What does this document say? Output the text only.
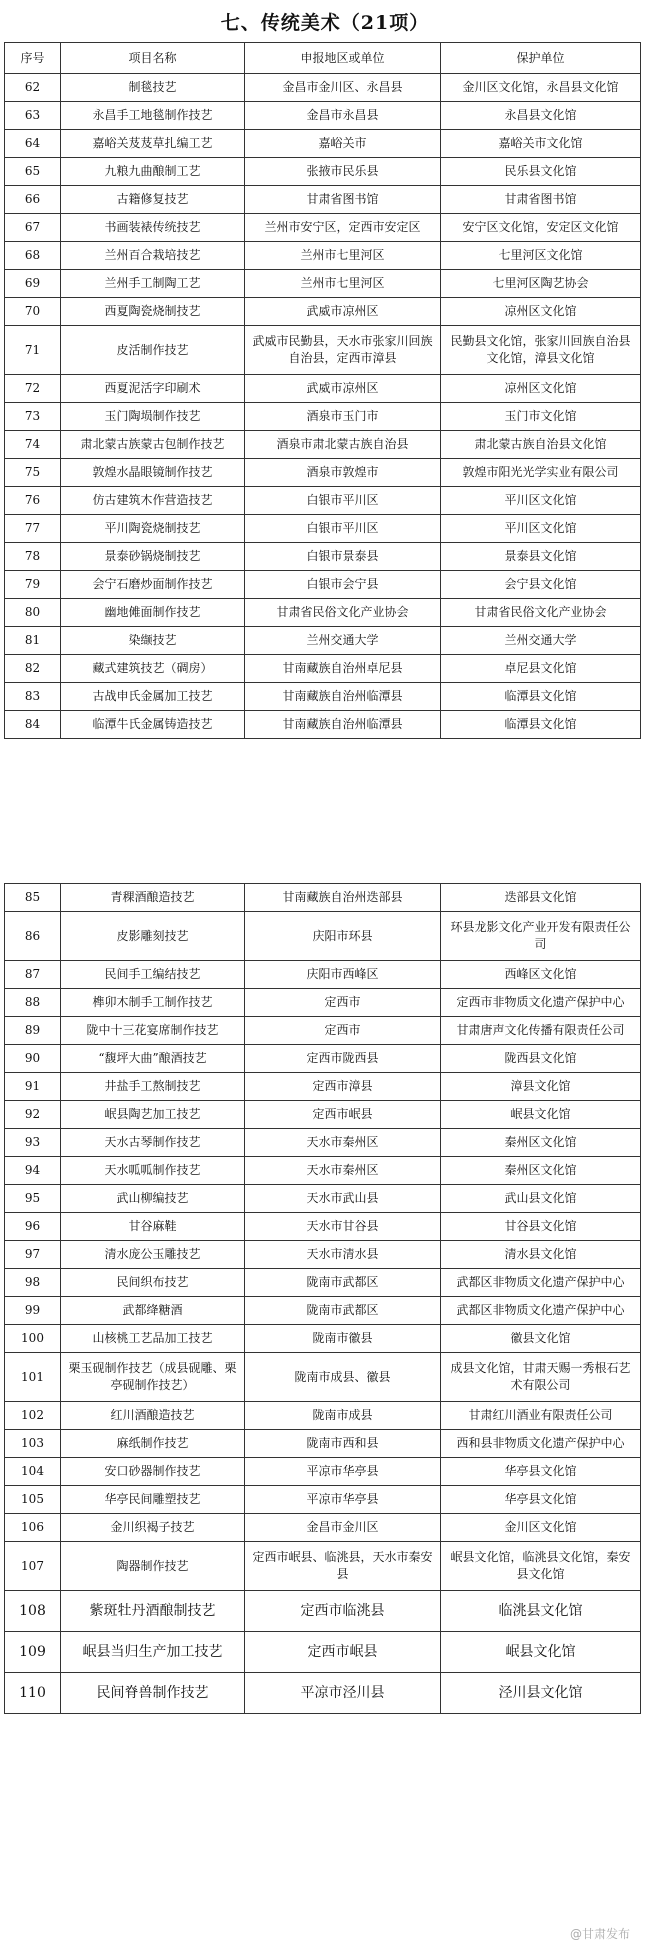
七、传统美术（21项）
序号	项目名称	申报地区或单位	保护单位
62	制毯技艺	金昌市金川区、永昌县	金川区文化馆，永昌县文化馆
63	永昌手工地毯制作技艺	金昌市永昌县	永昌县文化馆
64	嘉峪关芨芨草扎编工艺	嘉峪关市	嘉峪关市文化馆
65	九粮九曲酿制工艺	张掖市民乐县	民乐县文化馆
66	古籍修复技艺	甘肃省图书馆	甘肃省图书馆
67	书画装裱传统技艺	兰州市安宁区，定西市安定区	安宁区文化馆，安定区文化馆
68	兰州百合栽培技艺	兰州市七里河区	七里河区文化馆
69	兰州手工制陶工艺	兰州市七里河区	七里河区陶艺协会
70	西夏陶瓷烧制技艺	武威市凉州区	凉州区文化馆
71	皮活制作技艺	武威市民勤县，天水市张家川回族自治县，定西市漳县	民勤县文化馆，张家川回族自治县文化馆，漳县文化馆
72	西夏泥活字印刷术	武威市凉州区	凉州区文化馆
73	玉门陶埙制作技艺	酒泉市玉门市	玉门市文化馆
74	肃北蒙古族蒙古包制作技艺	酒泉市肃北蒙古族自治县	肃北蒙古族自治县文化馆
75	敦煌水晶眼镜制作技艺	酒泉市敦煌市	敦煌市阳光光学实业有限公司
76	仿古建筑木作营造技艺	白银市平川区	平川区文化馆
77	平川陶瓷烧制技艺	白银市平川区	平川区文化馆
78	景泰砂锅烧制技艺	白银市景泰县	景泰县文化馆
79	会宁石磨炒面制作技艺	白银市会宁县	会宁县文化馆
80	幽地傩面制作技艺	甘肃省民俗文化产业协会	甘肃省民俗文化产业协会
81	染缬技艺	兰州交通大学	兰州交通大学
82	藏式建筑技艺（碉房）	甘南藏族自治州卓尼县	卓尼县文化馆
83	古战申氏金属加工技艺	甘南藏族自治州临潭县	临潭县文化馆
84	临潭牛氏金属铸造技艺	甘南藏族自治州临潭县	临潭县文化馆
85	青稞酒酿造技艺	甘南藏族自治州迭部县	迭部县文化馆
86	皮影雕刻技艺	庆阳市环县	环县龙影文化产业开发有限责任公司
87	民间手工编结技艺	庆阳市西峰区	西峰区文化馆
88	榫卯木制手工制作技艺	定西市	定西市非物质文化遗产保护中心
89	陇中十三花宴席制作技艺	定西市	甘肃唐声文化传播有限责任公司
90	“馥坪大曲”酿酒技艺	定西市陇西县	陇西县文化馆
91	井盐手工熬制技艺	定西市漳县	漳县文化馆
92	岷县陶艺加工技艺	定西市岷县	岷县文化馆
93	天水古琴制作技艺	天水市秦州区	秦州区文化馆
94	天水呱呱制作技艺	天水市秦州区	秦州区文化馆
95	武山柳编技艺	天水市武山县	武山县文化馆
96	甘谷麻鞋	天水市甘谷县	甘谷县文化馆
97	清水庞公玉雕技艺	天水市清水县	清水县文化馆
98	民间织布技艺	陇南市武都区	武都区非物质文化遗产保护中心
99	武都绛糖酒	陇南市武都区	武都区非物质文化遗产保护中心
100	山核桃工艺品加工技艺	陇南市徽县	徽县文化馆
101	栗玉砚制作技艺（成县砚雕、栗亭砚制作技艺）	陇南市成县、徽县	成县文化馆，甘肃天赐一秀根石艺术有限公司
102	红川酒酿造技艺	陇南市成县	甘肃红川酒业有限责任公司
103	麻纸制作技艺	陇南市西和县	西和县非物质文化遗产保护中心
104	安口砂器制作技艺	平凉市华亭县	华亭县文化馆
105	华亭民间雕塑技艺	平凉市华亭县	华亭县文化馆
106	金川织褐子技艺	金昌市金川区	金川区文化馆
107	陶器制作技艺	定西市岷县、临洮县，天水市秦安县	岷县文化馆，临洮县文化馆，秦安县文化馆
108	紫斑牡丹酒酿制技艺	定西市临洮县	临洮县文化馆
109	岷县当归生产加工技艺	定西市岷县	岷县文化馆
110	民间脊兽制作技艺	平凉市泾川县	泾川县文化馆
@甘肃发布
